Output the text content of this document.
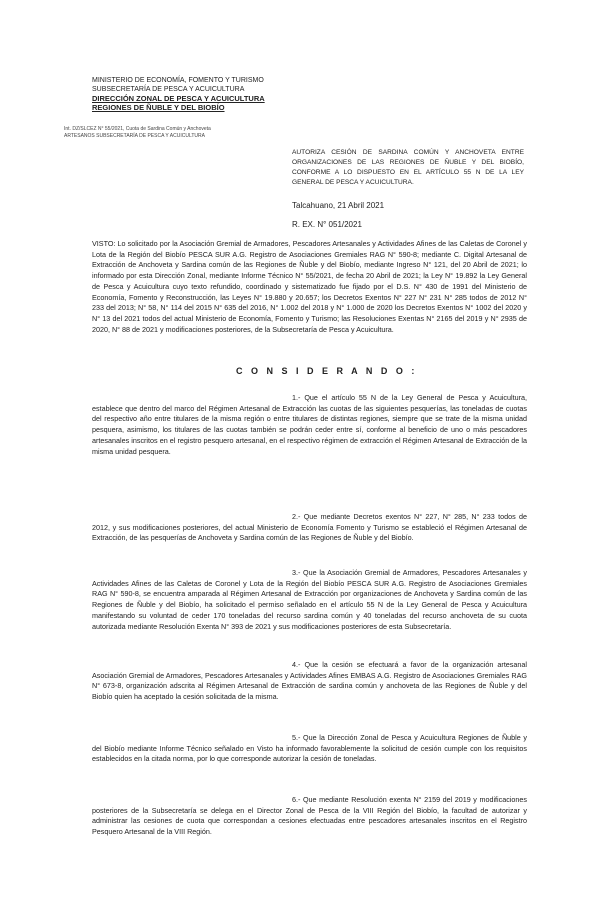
MINISTERIO DE ECONOMÍA, FOMENTO Y TURISMO
SUBSECRETARÍA DE PESCA Y ACUICULTURA
DIRECCIÓN ZONAL DE PESCA Y ACUICULTURA
REGIONES DE ÑUBLE Y DEL BIOBÍO
Int. DZ/SLCEZ N° 55/2021, Cuota de Sardina Común y Anchoveta
ARTESANOS SUBSECRETARÍA DE PESCA Y ACUICULTURA
AUTORIZA CESIÓN DE SARDINA COMÚN Y ANCHOVETA ENTRE ORGANIZACIONES DE LAS REGIONES DE ÑUBLE Y DEL BIOBÍO, CONFORME A LO DISPUESTO EN EL ARTÍCULO 55 N DE LA LEY GENERAL DE PESCA Y ACUICULTURA.
Talcahuano, 21 Abril 2021
R. EX. N° 051/2021
VISTO: Lo solicitado por la Asociación Gremial de Armadores, Pescadores Artesanales y Actividades Afines de las Caletas de Coronel y Lota de la Región del Biobío PESCA SUR A.G. Registro de Asociaciones Gremiales RAG N° 590-8; mediante C. Digital Artesanal de Extracción de Anchoveta y Sardina común de las Regiones de Ñuble y del Biobío, mediante Ingreso N° 121, del 20 Abril de 2021; lo informado por esta Dirección Zonal, mediante Informe Técnico N° 55/2021, de fecha 20 Abril de 2021; la Ley N° 19.892 la Ley General de Pesca y Acuicultura cuyo texto refundido, coordinado y sistematizado fue fijado por el D.S. N° 430 de 1991 del Ministerio de Economía, Fomento y Reconstrucción, las Leyes N° 19.880 y 20.657; los Decretos Exentos N° 227 N° 231 N° 285 todos de 2012 N° 233 del 2013; N° 58, N° 114 del 2015 N° 635 del 2016, N° 1.002 del 2018 y N° 1.000 de 2020 los Decretos Exentos N° 1002 del 2020 y N° 13 del 2021 todos del actual Ministerio de Economía, Fomento y Turismo; las Resoluciones Exentas N° 2165 del 2019 y N° 2935 de 2020, N° 88 de 2021 y modificaciones posteriores, de la Subsecretaría de Pesca y Acuicultura.
C O N S I D E R A N D O :
1.- Que el artículo 55 N de la Ley General de Pesca y Acuicultura, establece que dentro del marco del Régimen Artesanal de Extracción las cuotas de las siguientes pesquerías, las toneladas de cuotas del respectivo año entre titulares de la misma región o entre titulares de distintas regiones, siempre que se trate de la misma unidad pesquera, asimismo, los titulares de las cuotas también se podrán ceder entre sí, conforme al beneficio de uno o más pescadores artesanales inscritos en el registro pesquero artesanal, en el respectivo régimen de extracción el Régimen Artesanal de Extracción de la misma unidad pesquera.
2.- Que mediante Decretos exentos N° 227, N° 285, N° 233 todos de 2012, y sus modificaciones posteriores, del actual Ministerio de Economía Fomento y Turismo se estableció el Régimen Artesanal de Extracción, de las pesquerías de Anchoveta y Sardina común de las Regiones de Ñuble y del Biobío.
3.- Que la Asociación Gremial de Armadores, Pescadores Artesanales y Actividades Afines de las Caletas de Coronel y Lota de la Región del Biobío PESCA SUR A.G. Registro de Asociaciones Gremiales RAG N° 590-8, se encuentra amparada al Régimen Artesanal de Extracción por organizaciones de Anchoveta y Sardina común de las Regiones de Ñuble y del Biobío, ha solicitado el permiso señalado en el artículo 55 N de la Ley General de Pesca y Acuicultura manifestando su voluntad de ceder 170 toneladas del recurso sardina común y 40 toneladas del recurso anchoveta de su cuota autorizada mediante Resolución Exenta N° 393 de 2021 y sus modificaciones posteriores de esta Subsecretaría.
4.- Que la cesión se efectuará a favor de la organización artesanal Asociación Gremial de Armadores, Pescadores Artesanales y Actividades Afines EMBAS A.G. Registro de Asociaciones Gremiales RAG N° 673-8, organización adscrita al Régimen Artesanal de Extracción de sardina común y anchoveta de las Regiones de Ñuble y del Biobío quien ha aceptado la cesión solicitada de la misma.
5.- Que la Dirección Zonal de Pesca y Acuicultura Regiones de Ñuble y del Biobío mediante Informe Técnico señalado en Visto ha informado favorablemente la solicitud de cesión cumple con los requisitos establecidos en la citada norma, por lo que corresponde autorizar la cesión de toneladas.
6.- Que mediante Resolución exenta N° 2159 del 2019 y modificaciones posteriores de la Subsecretaría se delega en el Director Zonal de Pesca de la VIII Región del Biobío, la facultad de autorizar y administrar las cesiones de cuota que correspondan a cesiones efectuadas entre pescadores artesanales inscritos en el Registro Pesquero Artesanal de la VIII Región.
